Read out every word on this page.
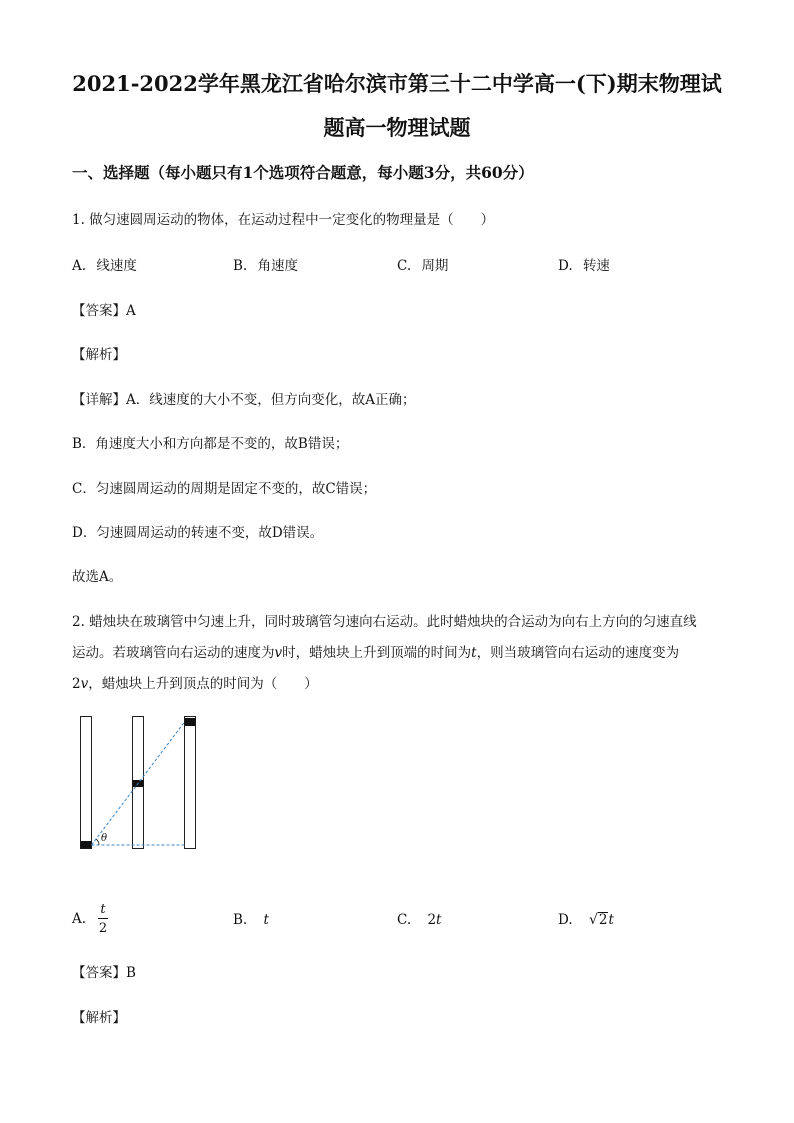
2021-2022学年黑龙江省哈尔滨市第三十二中学高一(下)期末物理试
题高一物理试题
一、选择题（每小题只有1个选项符合题意，每小题3分，共60分）
1. 做匀速圆周运动的物体，在运动过程中一定变化的物理量是（　　）
A. 线速度	B. 角速度	C. 周期	D. 转速
【答案】A
【解析】
【详解】A．线速度的大小不变，但方向变化，故A正确；
B．角速度大小和方向都是不变的，故B错误；
C．匀速圆周运动的周期是固定不变的，故C错误；
D．匀速圆周运动的转速不变，故D错误。
故选A。
2. 蜡烛块在玻璃管中匀速上升，同时玻璃管匀速向右运动。此时蜡烛块的合运动为向右上方向的匀速直线
运动。若玻璃管向右运动的速度为v时，蜡烛块上升到顶端的时间为t，则当玻璃管向右运动的速度变为
2v，蜡烛块上升到顶点的时间为（　　）
θ
A. $\frac{t}{2}$	B. t	C. 2t	D. √2t
【答案】B
【解析】
